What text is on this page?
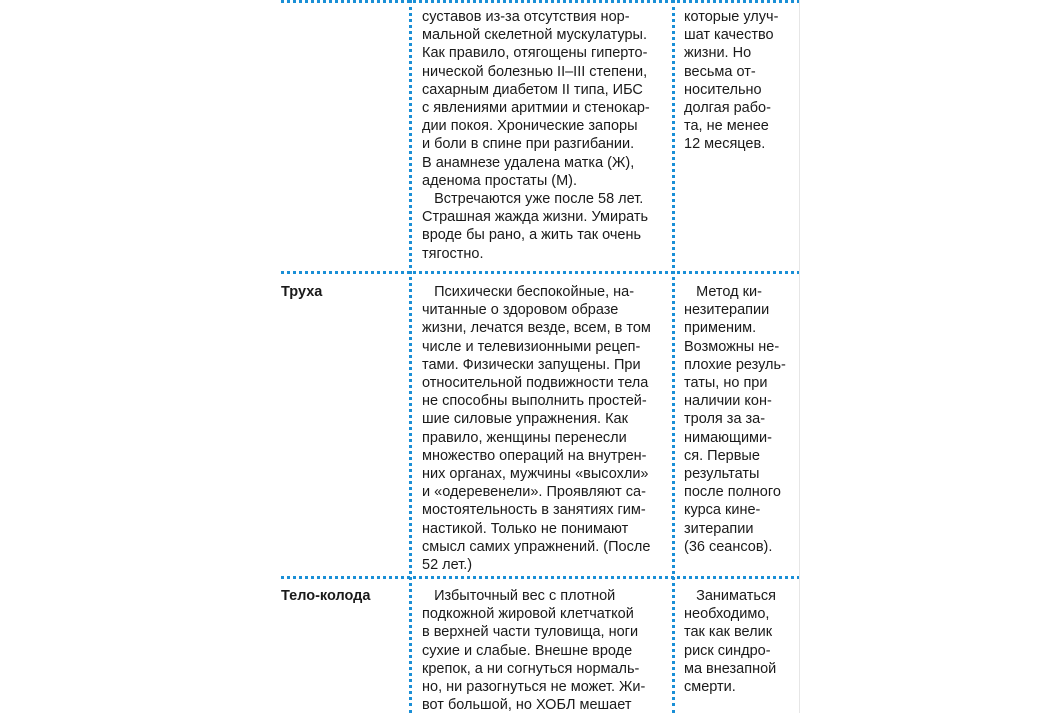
суставов из-за отсутствия нор-
мальной скелетной мускулатуры.
Как правило, отягощены гиперто-
нической болезнью II–III степени,
сахарным диабетом II типа, ИБС
с явлениями аритмии и стенокар-
дии покоя. Хронические запоры
и боли в спине при разгибании.
В анамнезе удалена матка (Ж),
аденома простаты (М).
Встречаются уже после 58 лет.
Страшная жажда жизни. Умирать
вроде бы рано, а жить так очень
тягостно.
которые улуч-
шат качество
жизни. Но
весьма от-
носительно
долгая рабо-
та, не менее
12 месяцев.
Труха	Психически беспокойные, на-
читанные о здоровом образе
жизни, лечатся везде, всем, в том
числе и телевизионными рецеп-
тами. Физически запущены. При
относительной подвижности тела
не способны выполнить простей-
шие силовые упражнения. Как
правило, женщины перенесли
множество операций на внутрен-
них органах, мужчины «высохли»
и «одеревенели». Проявляют са-
мостоятельность в занятиях гим-
настикой. Только не понимают
смысл самих упражнений. (После
52 лет.)
Метод ки-
незитерапии
применим.
Возможны не-
плохие резуль-
таты, но при
наличии кон-
троля за за-
нимающими-
ся. Первые
результаты
после полного
курса кине-
зитерапии
(36 сеансов).
Тело-колода	Избыточный вес с плотной
подкожной жировой клетчаткой
в верхней части туловища, ноги
сухие и слабые. Внешне вроде
крепок, а ни согнуться нормаль-
но, ни разогнуться не может. Жи-
вот большой, но ХОБЛ мешает
Заниматься
необходимо,
так как велик
риск синдро-
ма внезапной
смерти.
